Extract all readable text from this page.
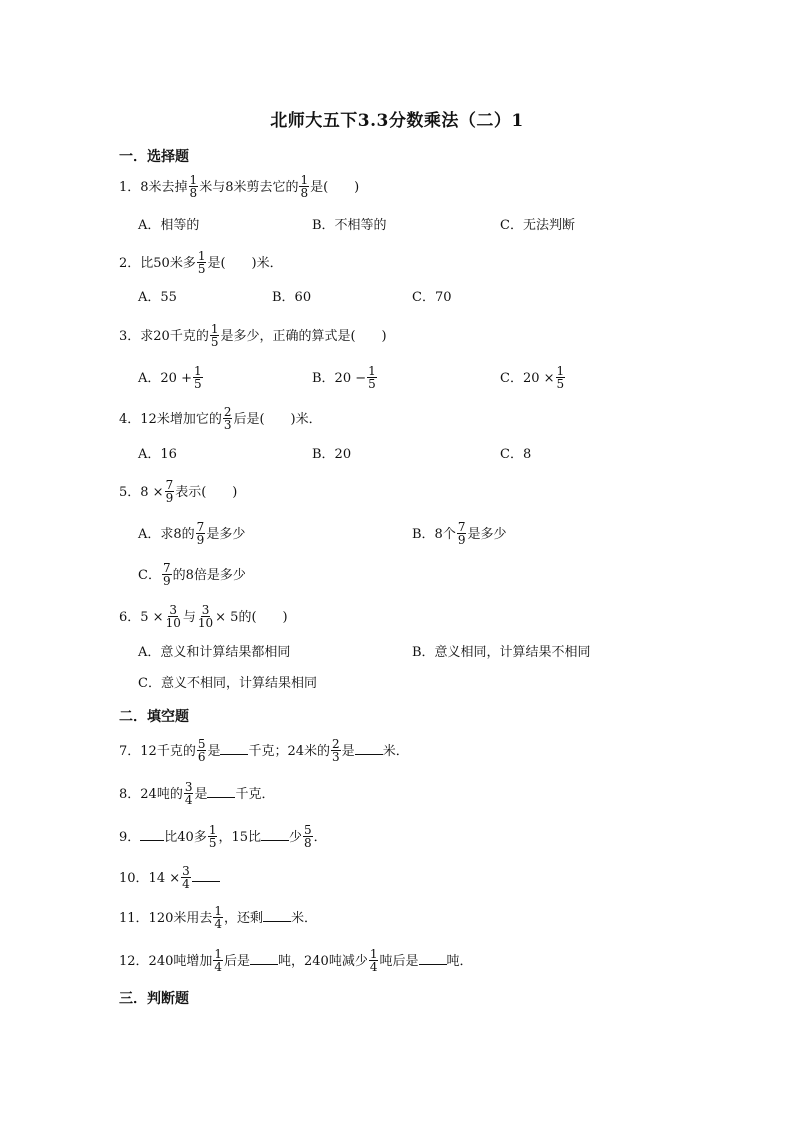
北师大五下3.3分数乘法（二）1
一．选择题
1．8米去掉 $\frac{1}{8}$ 米与8米剪去它的 $\frac{1}{8}$ 是(　　)
A．相等的	B．不相等的	C．无法判断
2．比50米多 $\frac{1}{5}$ 是(　　)米．
A．55	B．60	C．70
3．求20千克的 $\frac{1}{5}$ 是多少，正确的算式是(　　)
A．$20 + \frac{1}{5}$	B．$20 - \frac{1}{5}$	C．$20 \times \frac{1}{5}$
4．12米增加它的 $\frac{2}{3}$ 后是(　　)米．
A．16	B．20	C．8
5．$8 \times \frac{7}{9}$ 表示(　　)
A．求8的 $\frac{7}{9}$ 是多少	B．8个 $\frac{7}{9}$ 是多少
C． $\frac{7}{9}$ 的8倍是多少
6．$5 \times \frac{3}{10}$ 与 $\frac{3}{10} \times 5$的(　　)
A．意义和计算结果都相同	B．意义相同，计算结果不相同
C．意义不相同，计算结果相同
二．填空题
7．12千克的 $\frac{5}{6}$ 是 千克；24米的 $\frac{2}{3}$ 是 米．
8．24吨的 $\frac{3}{4}$ 是 千克．
9． 比40多 $\frac{1}{5}$ ，15比 少 $\frac{5}{8}$ ．
10．$14 \times \frac{3}{4}$
11．120米用去 $\frac{1}{4}$ ，还剩 米．
12．240吨增加 $\frac{1}{4}$ 后是 吨，240吨减少 $\frac{1}{4}$ 吨后是 吨．
三．判断题
